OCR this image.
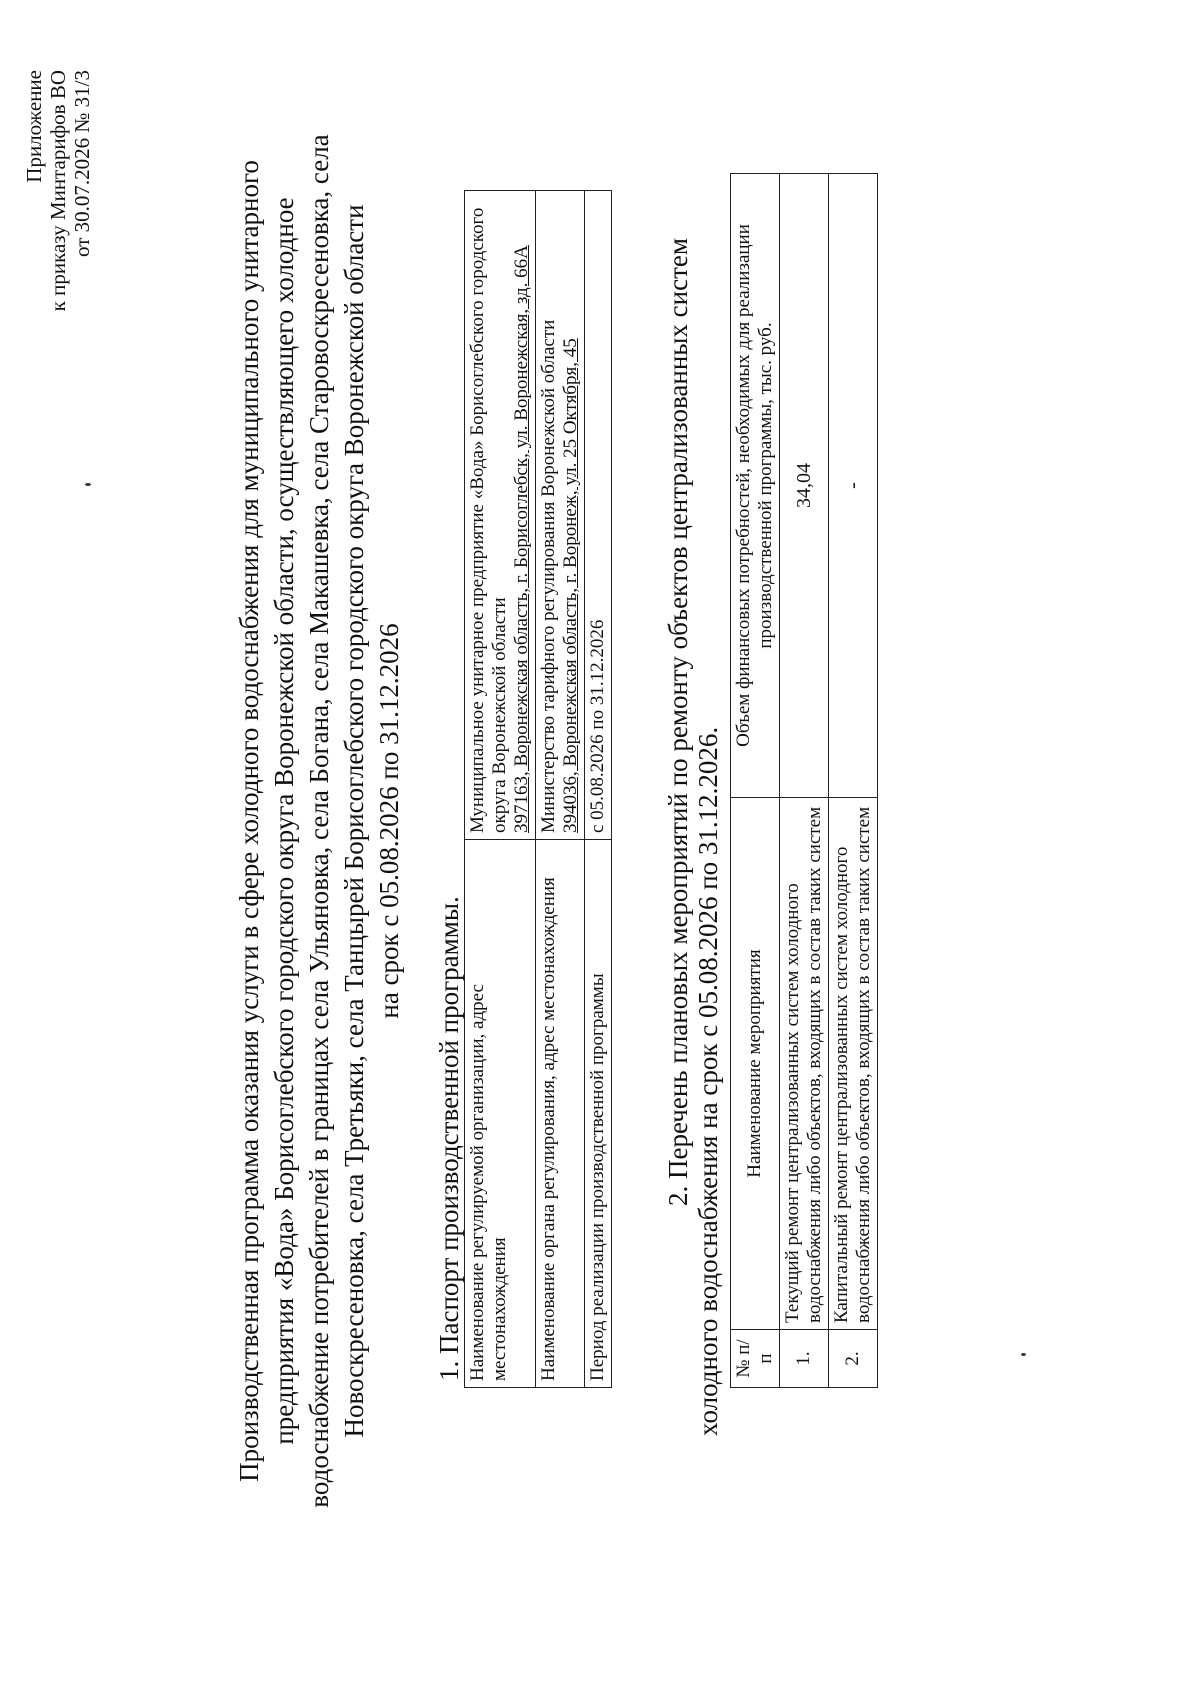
Приложение к приказу Минтарифов ВО от 30.07.2026 № 31/3	Производственная программа оказания услуги в сфере холодного водоснабжения для муниципального унитарного предприятия «Вода» Борисоглебского городского округа Воронежской области, осуществляющего холодное водоснабжение потребителей в границах села Ульяновка, села Богана, села Макашевка, села Старовоскресеновка, села Новоскресеновка, села Третьяки, села Танцырей Борисоглебского городского округа Воронежской области на срок с 05.08.2026 по 31.12.2026
1. Паспорт производственной программы. Наименование регулируемой организации, адрес местонахождения	Муниципальное унитарное предприятие «Вода» Борисоглебского городского округа Воронежской области 397163, Воронежская область, г. Борисоглебск, ул. Воронежская, зд. 66А

Наименование органа регулирования, адрес местонахождения	Министерство тарифного регулирования Воронежской области 394036, Воронежская область, г. Воронеж, ул. 25 Октября, 45

Период реализации производственной программы	с 05.08.2026 по 31.12.2026 2. Перечень плановых мероприятий по ремонту объектов централизованных систем холодного водоснабжения на срок с 05.08.2026 по 31.12.2026. № п/п	Наименование мероприятия	Объем финансовых потребностей, необходимых для реализации производственной программы, тыс. руб.
1.	Текущий ремонт централизованных систем холодного водоснабжения либо объектов, входящих в состав таких систем	34,04
2.	Капитальный ремонт централизованных систем холодного водоснабжения либо объектов, входящих в состав таких систем	-
